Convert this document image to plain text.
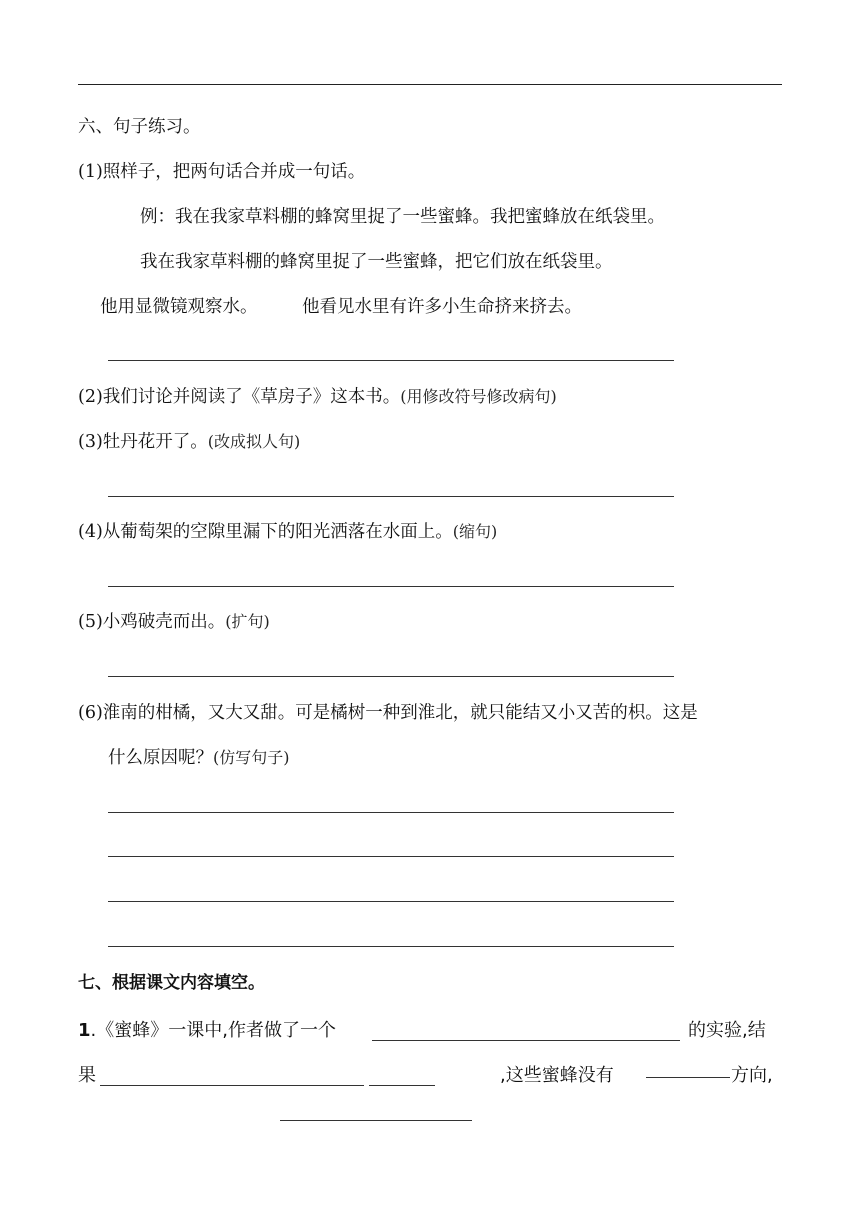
六、句子练习。
(1)照样子，把两句话合并成一句话。
例：我在我家草料棚的蜂窝里捉了一些蜜蜂。我把蜜蜂放在纸袋里。
我在我家草料棚的蜂窝里捉了一些蜜蜂，把它们放在纸袋里。
他用显微镜观察水。	他看见水里有许多小生命挤来挤去。
(2)我们讨论并阅读了《草房子》这本书。(用修改符号修改病句)
(3)牡丹花开了。(改成拟人句)
(4)从葡萄架的空隙里漏下的阳光洒落在水面上。(缩句)
(5)小鸡破壳而出。(扩句)
(6)淮南的柑橘，又大又甜。可是橘树一种到淮北，就只能结又小又苦的枳。这是
什么原因呢？(仿写句子)
七、根据课文内容填空。
1.《蜜蜂》一课中,作者做了一个	的实验,结
果	,这些蜜蜂没有	方向,
